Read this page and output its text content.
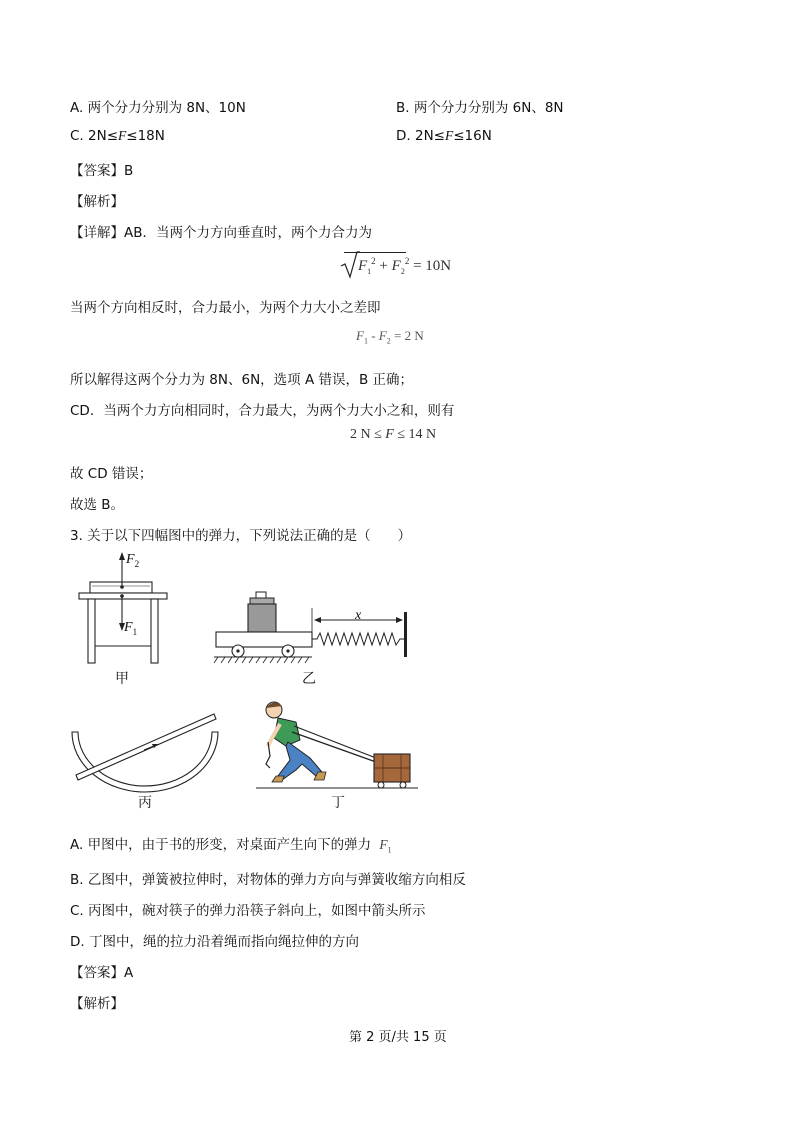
A. 两个分力分别为 8N、10N	B. 两个分力分别为 6N、8N
C. 2N≤F≤18N	D. 2N≤F≤16N
【答案】B
【解析】
【详解】AB．当两个力方向垂直时，两个力合力为
$F_1^2 + F_2^2 = 10N$
当两个方向相反时，合力最小，为两个力大小之差即
$F_1 - F_2 = 2$ N
所以解得这两个分力为 8N、6N，选项 A 错误，B 正确；
CD．当两个力方向相同时，合力最大，为两个力大小之和，则有
2 N ≤ F ≤ 14 N
故 CD 错误；
故选 B。
3. 关于以下四幅图中的弹力，下列说法正确的是（　　）
$F_2$
$F_1$
甲
x
乙
丙	丁
A. 甲图中，由于书的形变，对桌面产生向下的弹力 $F_1$
B. 乙图中，弹簧被拉伸时，对物体的弹力方向与弹簧收缩方向相反
C. 丙图中，碗对筷子的弹力沿筷子斜向上，如图中箭头所示
D. 丁图中，绳的拉力沿着绳而指向绳拉伸的方向
【答案】A
【解析】
第 2 页/共 15 页
